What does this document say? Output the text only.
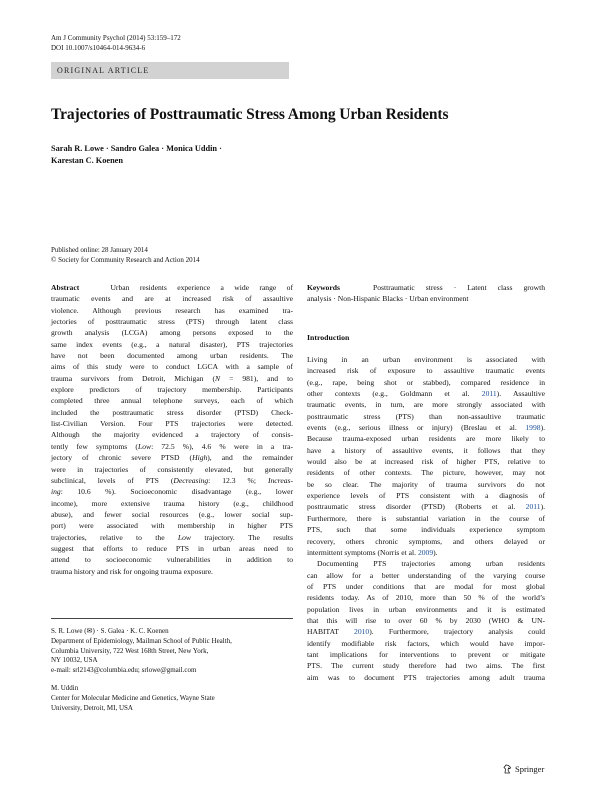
Am J Community Psychol (2014) 53:159–172
DOI 10.1007/s10464-014-9634-6
ORIGINAL ARTICLE
Trajectories of Posttraumatic Stress Among Urban Residents
Sarah R. Lowe · Sandro Galea · Monica Uddin ·
Karestan C. Koenen
Published online: 28 January 2014
© Society for Community Research and Action 2014
Abstract   Urban residents experience a wide range of
traumatic events and are at increased risk of assaultive
violence. Although previous research has examined tra-
jectories of posttraumatic stress (PTS) through latent class
growth analysis (LCGA) among persons exposed to the
same index events (e.g., a natural disaster), PTS trajectories
have not been documented among urban residents. The
aims of this study were to conduct LGCA with a sample of
trauma survivors from Detroit, Michigan (N = 981), and to
explore predictors of trajectory membership. Participants
completed three annual telephone surveys, each of which
included the posttraumatic stress disorder (PTSD) Check-
list-Civilian Version. Four PTS trajectories were detected.
Although the majority evidenced a trajectory of consis-
tently few symptoms (Low: 72.5 %), 4.6 % were in a tra-
jectory of chronic severe PTSD (High), and the remainder
were in trajectories of consistently elevated, but generally
subclinical, levels of PTS (Decreasing: 12.3 %; Increas-
ing: 10.6 %). Socioeconomic disadvantage (e.g., lower
income), more extensive trauma history (e.g., childhood
abuse), and fewer social resources (e.g., lower social sup-
port) were associated with membership in higher PTS
trajectories, relative to the Low trajectory. The results
suggest that efforts to reduce PTS in urban areas need to
attend to socioeconomic vulnerabilities in addition to
trauma history and risk for ongoing trauma exposure.
S. R. Lowe (✉) · S. Galea · K. C. Koenen
Department of Epidemiology, Mailman School of Public Health,
Columbia University, 722 West 168th Street, New York,
NY 10032, USA
e-mail: srl2143@columbia.edu; srlowe@gmail.com
M. Uddin
Center for Molecular Medicine and Genetics, Wayne State
University, Detroit, MI, USA
Keywords	Posttraumatic stress · Latent class growth
analysis · Non-Hispanic Blacks · Urban environment
Introduction
Living in an urban environment is associated with
increased risk of exposure to assaultive traumatic events
(e.g., rape, being shot or stabbed), compared residence in
other contexts (e.g., Goldmann et al. 2011). Assaultive
traumatic events, in turn, are more strongly associated with
posttraumatic stress (PTS) than non-assaultive traumatic
events (e.g., serious illness or injury) (Breslau et al. 1998).
Because trauma-exposed urban residents are more likely to
have a history of assaultive events, it follows that they
would also be at increased risk of higher PTS, relative to
residents of other contexts. The picture, however, may not
be so clear. The majority of trauma survivors do not
experience levels of PTS consistent with a diagnosis of
posttraumatic stress disorder (PTSD) (Roberts et al. 2011).
Furthermore, there is substantial variation in the course of
PTS, such that some individuals experience symptom
recovery, others chronic symptoms, and others delayed or
intermittent symptoms (Norris et al. 2009).
Documenting PTS trajectories among urban residents
can allow for a better understanding of the varying course
of PTS under conditions that are modal for most global
residents today. As of 2010, more than 50 % of the world’s
population lives in urban environments and it is estimated
that this will rise to over 60 % by 2030 (WHO & UN-
HABITAT 2010). Furthermore, trajectory analysis could
identify modifiable risk factors, which would have impor-
tant implications for interventions to prevent or mitigate
PTS. The current study therefore had two aims. The first
aim was to document PTS trajectories among adult trauma
Springer
